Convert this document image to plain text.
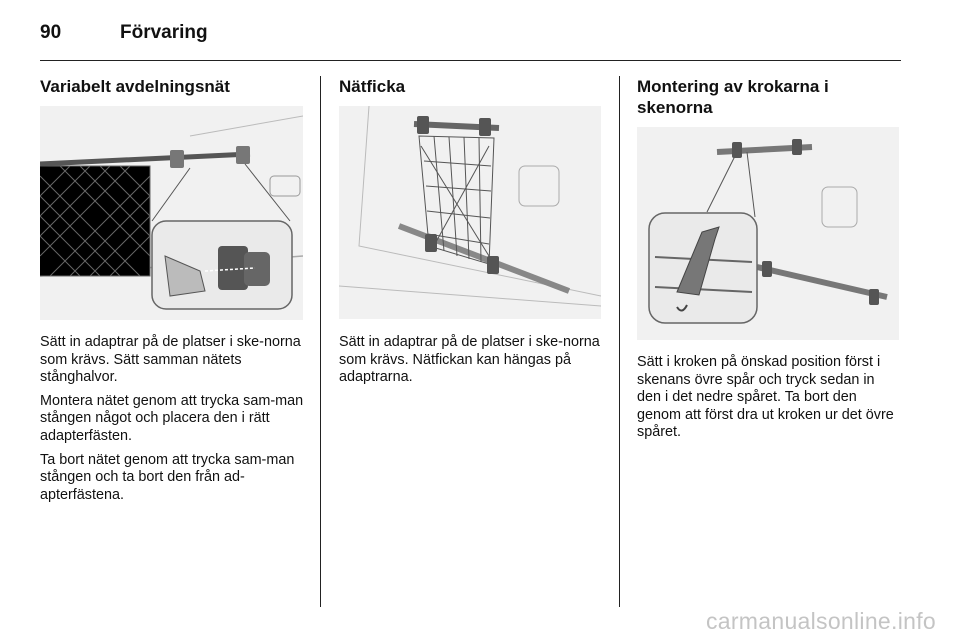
90	Förvaring
Variabelt avdelningsnät

Sätt in adaptrar på de platser i ske-norna som krävs. Sätt samman nätets stånghalvor.

Montera nätet genom att trycka sam-man stången något och placera den i rätt adapterfästen.

Ta bort nätet genom att trycka sam-man stången och ta bort den från ad-apterfästena.

Nätficka

Sätt in adaptrar på de platser i ske-norna som krävs. Nätfickan kan hängas på adaptrarna.

Montering av krokarna i skenorna

Sätt i kroken på önskad position först i skenans övre spår och tryck sedan in den i det nedre spåret. Ta bort den genom att först dra ut kroken ur det övre spåret.

carmanualsonline.info
